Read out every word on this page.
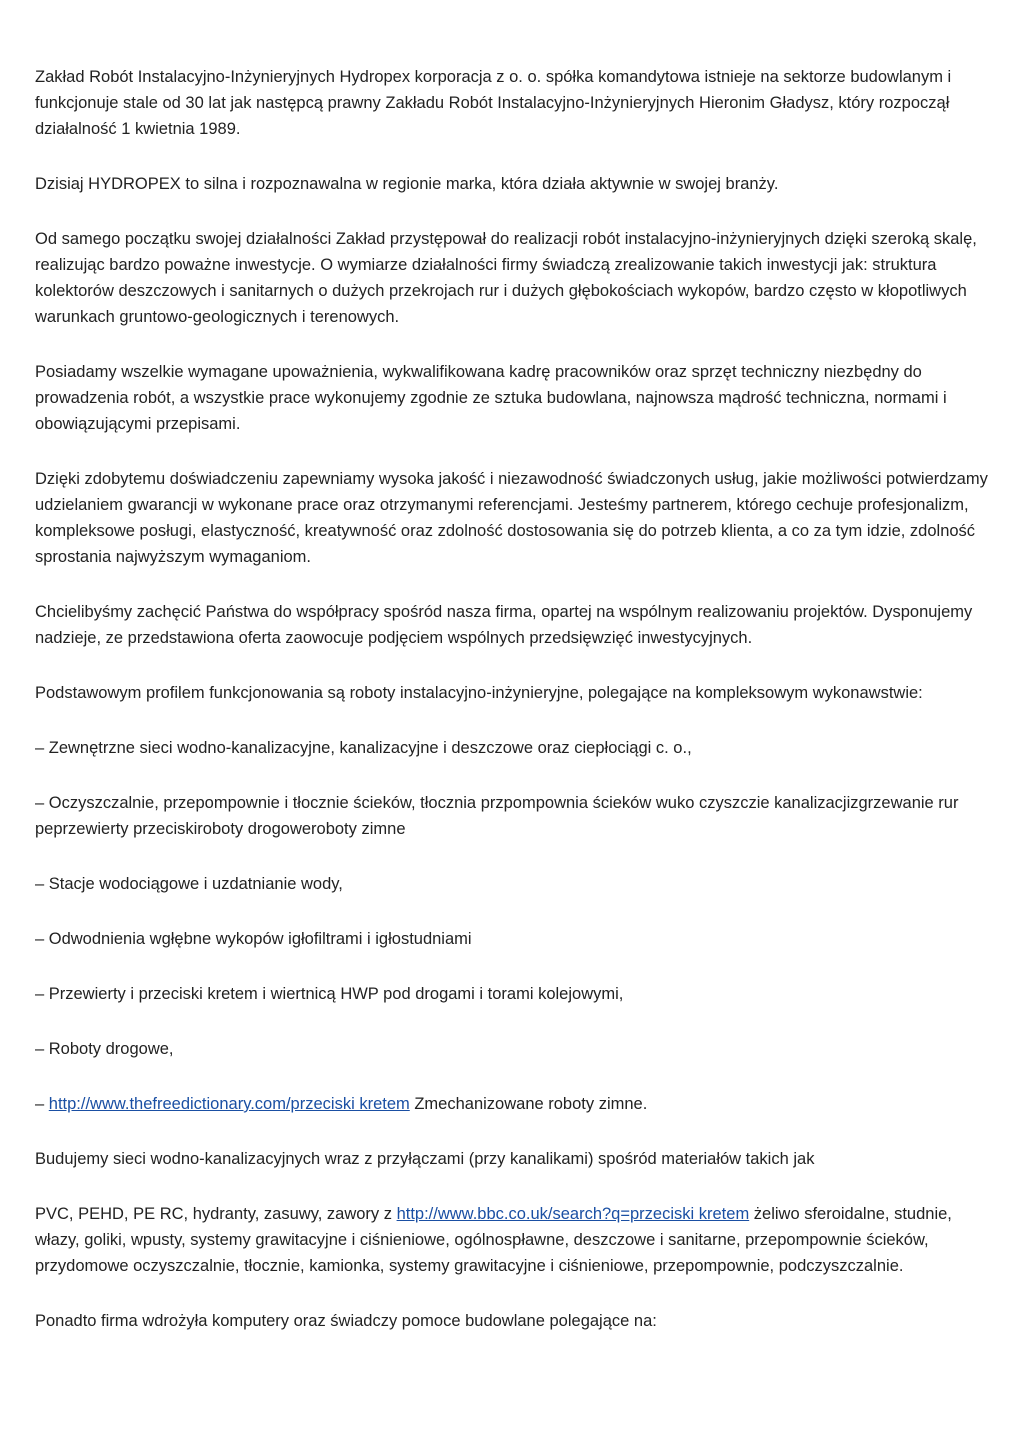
Zakład Robót Instalacyjno-Inżynieryjnych Hydropex korporacja z o. o. spółka komandytowa istnieje na sektorze budowlanym i funkcjonuje stale od 30 lat jak następcą prawny Zakładu Robót Instalacyjno-Inżynieryjnych Hieronim Gładysz, który rozpoczął działalność 1 kwietnia 1989.

Dzisiaj HYDROPEX to silna i rozpoznawalna w regionie marka, która działa aktywnie w swojej branży.

Od samego początku swojej działalności Zakład przystępował do realizacji robót instalacyjno-inżynieryjnych dzięki szeroką skalę, realizując bardzo poważne inwestycje. O wymiarze działalności firmy świadczą zrealizowanie takich inwestycji jak: struktura kolektorów deszczowych i sanitarnych o dużych przekrojach rur i dużych głębokościach wykopów, bardzo często w kłopotliwych warunkach gruntowo-geologicznych i terenowych.

Posiadamy wszelkie wymagane upoważnienia, wykwalifikowana kadrę pracowników oraz sprzęt techniczny niezbędny do prowadzenia robót, a wszystkie prace wykonujemy zgodnie ze sztuka budowlana, najnowsza mądrość techniczna, normami i obowiązującymi przepisami.

Dzięki zdobytemu doświadczeniu zapewniamy wysoka jakość i niezawodność świadczonych usług, jakie możliwości potwierdzamy udzielaniem gwarancji w wykonane prace oraz otrzymanymi referencjami. Jesteśmy partnerem, którego cechuje profesjonalizm, kompleksowe posługi, elastyczność, kreatywność oraz zdolność dostosowania się do potrzeb klienta, a co za tym idzie, zdolność sprostania najwyższym wymaganiom.

Chcielibyśmy zachęcić Państwa do współpracy spośród nasza firma, opartej na wspólnym realizowaniu projektów. Dysponujemy nadzieje, ze przedstawiona oferta zaowocuje podjęciem wspólnych przedsięwzięć inwestycyjnych.

Podstawowym profilem funkcjonowania są roboty instalacyjno-inżynieryjne, polegające na kompleksowym wykonawstwie:

– Zewnętrzne sieci wodno-kanalizacyjne, kanalizacyjne i deszczowe oraz ciepłociągi c. o.,

– Oczyszczalnie, przepompownie i tłocznie ścieków, tłocznia przpompownia ścieków wuko czyszczie kanalizacjizgrzewanie rur peprzewierty przeciskiroboty drogoweroboty zimne

– Stacje wodociągowe i uzdatnianie wody,

– Odwodnienia wgłębne wykopów igłofiltrami i igłostudniami

– Przewierty i przeciski kretem i wiertnicą HWP pod drogami i torami kolejowymi,

– Roboty drogowe,

– http://www.thefreedictionary.com/przeciski kretem Zmechanizowane roboty zimne.

Budujemy sieci wodno-kanalizacyjnych wraz z przyłączami (przy kanalikami) spośród materiałów takich jak

PVC, PEHD, PE RC, hydranty, zasuwy, zawory z http://www.bbc.co.uk/search?q=przeciski kretem żeliwo sferoidalne, studnie, włazy, goliki, wpusty, systemy grawitacyjne i ciśnieniowe, ogólnospławne, deszczowe i sanitarne, przepompownie ścieków, przydomowe oczyszczalnie, tłocznie, kamionka, systemy grawitacyjne i ciśnieniowe, przepompownie, podczyszczalnie.

Ponadto firma wdrożyła komputery oraz świadczy pomoce budowlane polegające na:
